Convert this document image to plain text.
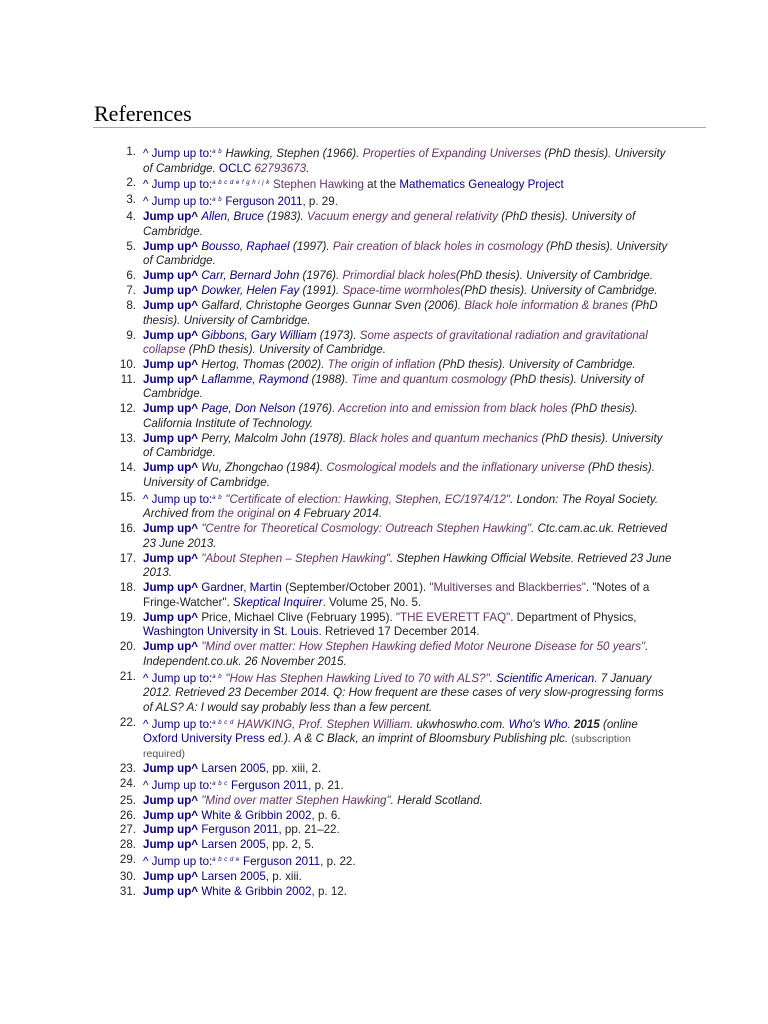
References
1. ^ Jump up to:$^{a b}$ Hawking, Stephen (1966). Properties of Expanding Universes (PhD thesis). University of Cambridge. OCLC 62793673.
2. ^ Jump up to:$^{a b c d e f g h i j k}$ Stephen Hawking at the Mathematics Genealogy Project
3. ^ Jump up to:$^{a b}$ Ferguson 2011, p. 29.
4. Jump up^ Allen, Bruce (1983). Vacuum energy and general relativity (PhD thesis). University of Cambridge.
5. Jump up^ Bousso, Raphael (1997). Pair creation of black holes in cosmology (PhD thesis). University of Cambridge.
6. Jump up^ Carr, Bernard John (1976). Primordial black holes(PhD thesis). University of Cambridge.
7. Jump up^ Dowker, Helen Fay (1991). Space-time wormholes(PhD thesis). University of Cambridge.
8. Jump up^ Galfard, Christophe Georges Gunnar Sven (2006). Black hole information & branes (PhD thesis). University of Cambridge.
9. Jump up^ Gibbons, Gary William (1973). Some aspects of gravitational radiation and gravitational collapse (PhD thesis). University of Cambridge.
10. Jump up^ Hertog, Thomas (2002). The origin of inflation (PhD thesis). University of Cambridge.
11. Jump up^ Laflamme, Raymond (1988). Time and quantum cosmology (PhD thesis). University of Cambridge.
12. Jump up^ Page, Don Nelson (1976). Accretion into and emission from black holes (PhD thesis). California Institute of Technology.
13. Jump up^ Perry, Malcolm John (1978). Black holes and quantum mechanics (PhD thesis). University of Cambridge.
14. Jump up^ Wu, Zhongchao (1984). Cosmological models and the inflationary universe (PhD thesis). University of Cambridge.
15. ^ Jump up to:$^{a b}$ "Certificate of election: Hawking, Stephen, EC/1974/12". London: The Royal Society. Archived from the original on 4 February 2014.
16. Jump up^ "Centre for Theoretical Cosmology: Outreach Stephen Hawking". Ctc.cam.ac.uk. Retrieved 23 June 2013.
17. Jump up^ "About Stephen – Stephen Hawking". Stephen Hawking Official Website. Retrieved 23 June 2013.
18. Jump up^ Gardner, Martin (September/October 2001). "Multiverses and Blackberries". "Notes of a Fringe-Watcher". Skeptical Inquirer. Volume 25, No. 5.
19. Jump up^ Price, Michael Clive (February 1995). "THE EVERETT FAQ". Department of Physics, Washington University in St. Louis. Retrieved 17 December 2014.
20. Jump up^ "Mind over matter: How Stephen Hawking defied Motor Neurone Disease for 50 years". Independent.co.uk. 26 November 2015.
21. ^ Jump up to:$^{a b}$ "How Has Stephen Hawking Lived to 70 with ALS?". Scientific American. 7 January 2012. Retrieved 23 December 2014. Q: How frequent are these cases of very slow-progressing forms of ALS? A: I would say probably less than a few percent.
22. ^ Jump up to:$^{a b c d}$ HAWKING, Prof. Stephen William. ukwhoswho.com. Who's Who. 2015 (online Oxford University Press ed.). A & C Black, an imprint of Bloomsbury Publishing plc. (subscription required)
23. Jump up^ Larsen 2005, pp. xiii, 2.
24. ^ Jump up to:$^{a b c}$ Ferguson 2011, p. 21.
25. Jump up^ "Mind over matter Stephen Hawking". Herald Scotland.
26. Jump up^ White & Gribbin 2002, p. 6.
27. Jump up^ Ferguson 2011, pp. 21–22.
28. Jump up^ Larsen 2005, pp. 2, 5.
29. ^ Jump up to:$^{a b c d e}$ Ferguson 2011, p. 22.
30. Jump up^ Larsen 2005, p. xiii.
31. Jump up^ White & Gribbin 2002, p. 12.
